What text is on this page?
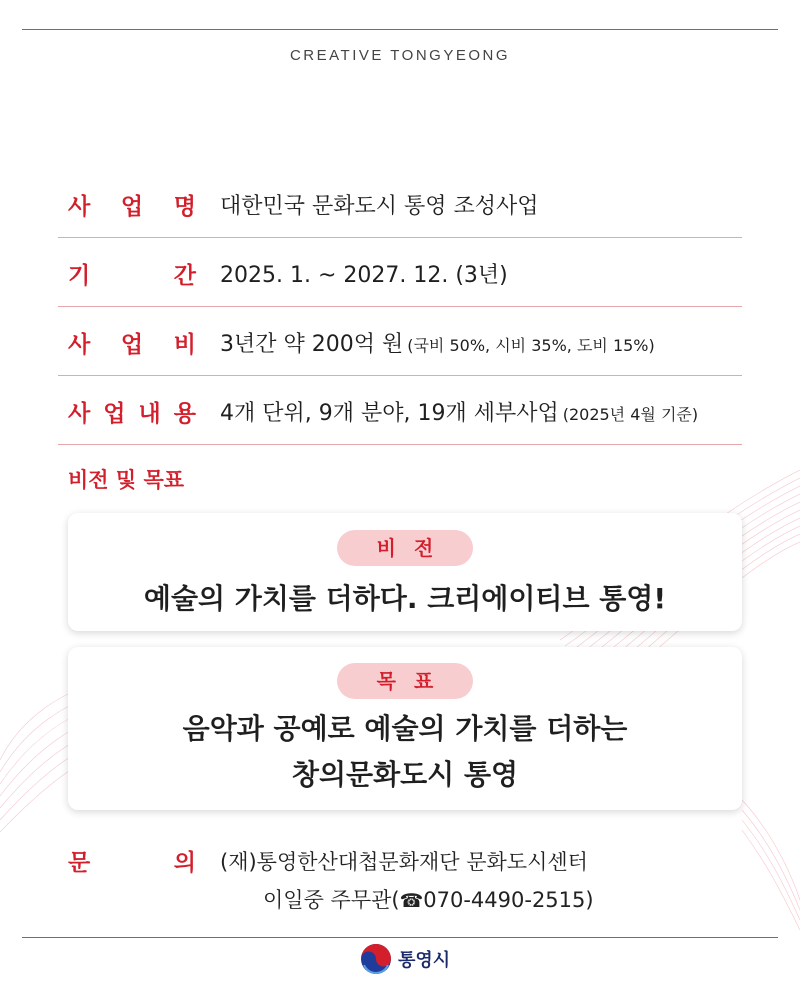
CREATIVE TONGYEONG
사 업 명 대한민국 문화도시 통영 조성사업
기	간 2025. 1. ~ 2027. 12. (3년)
사 업 비 3년간 약 200억 원 (국비 50%, 시비 35%, 도비 15%)
사 업 내 용 4개 단위, 9개 분야, 19개 세부사업 (2025년 4월 기준)
비전 및 목표
비전
예술의 가치를 더하다. 크리에이티브 통영!
목표
음악과 공예로 예술의 가치를 더하는
창의문화도시 통영
문	의 (재)통영한산대첩문화재단 문화도시센터
이일중 주무관(☎070-4490-2515)
통영시
